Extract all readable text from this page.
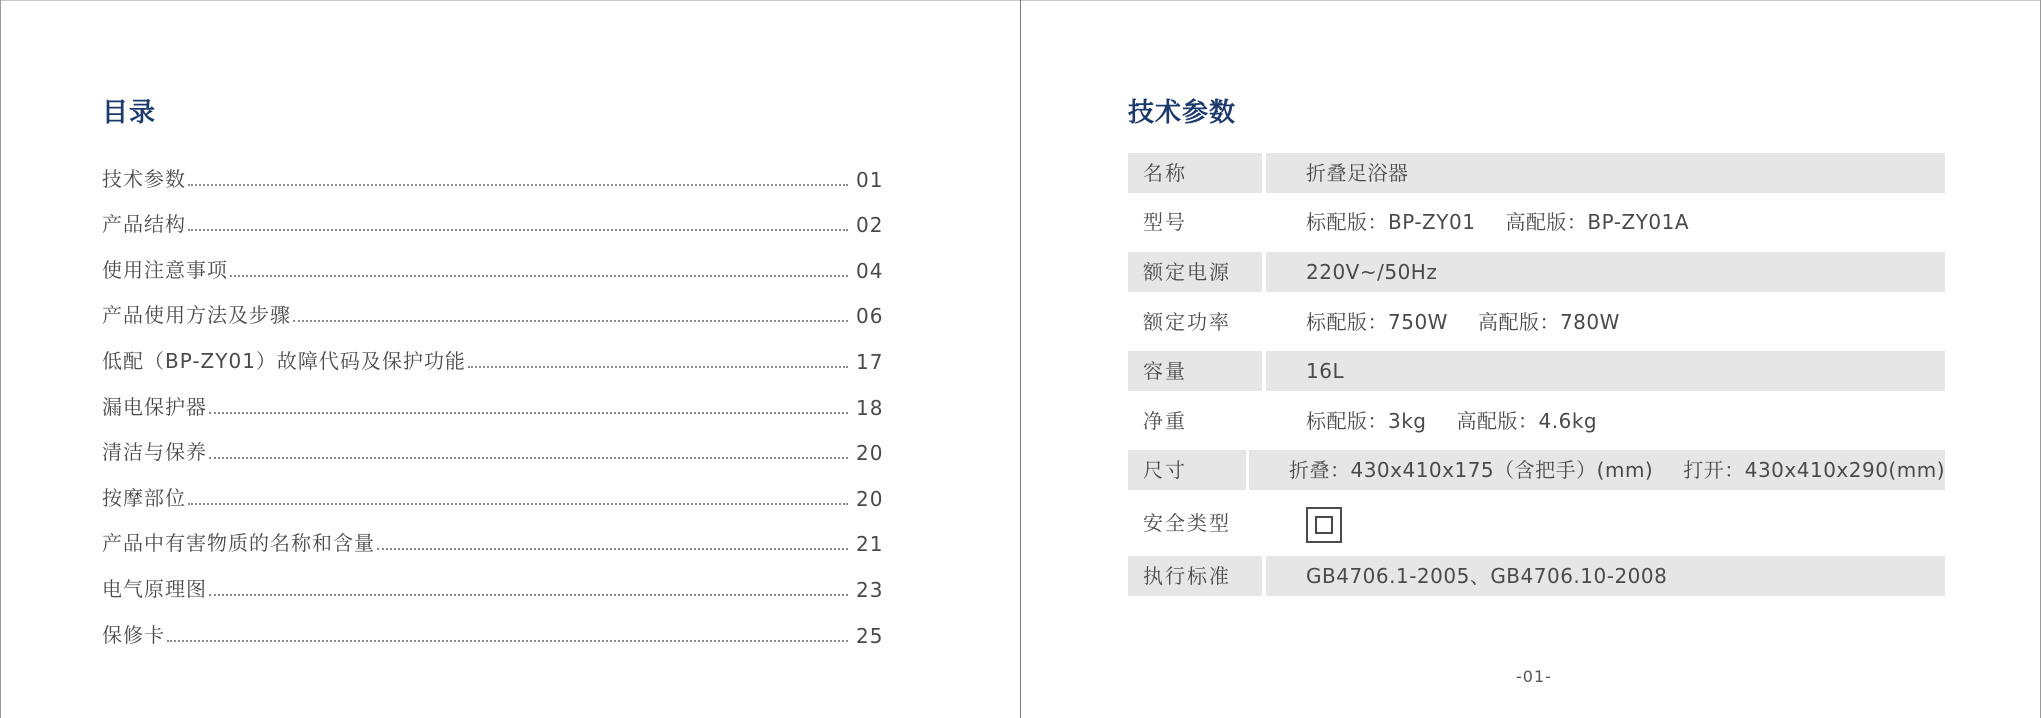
目录
技术参数	01
产品结构	02
使用注意事项	04
产品使用方法及步骤	06
低配（BP-ZY01）故障代码及保护功能	17
漏电保护器	18
清洁与保养	20
按摩部位	20
产品中有害物质的名称和含量	21
电气原理图	23
保修卡	25
技术参数
名称	折叠足浴器
型号	标配版：BP-ZY01 高配版：BP-ZY01A
额定电源	220V~/50Hz
额定功率	标配版：750W 高配版：780W
容量	16L
净重	标配版：3kg 高配版：4.6kg
尺寸	折叠：430x410x175（含把手）(mm) 打开：430x410x290(mm)
安全类型
执行标准	GB4706.1-2005、GB4706.10-2008
-01-
